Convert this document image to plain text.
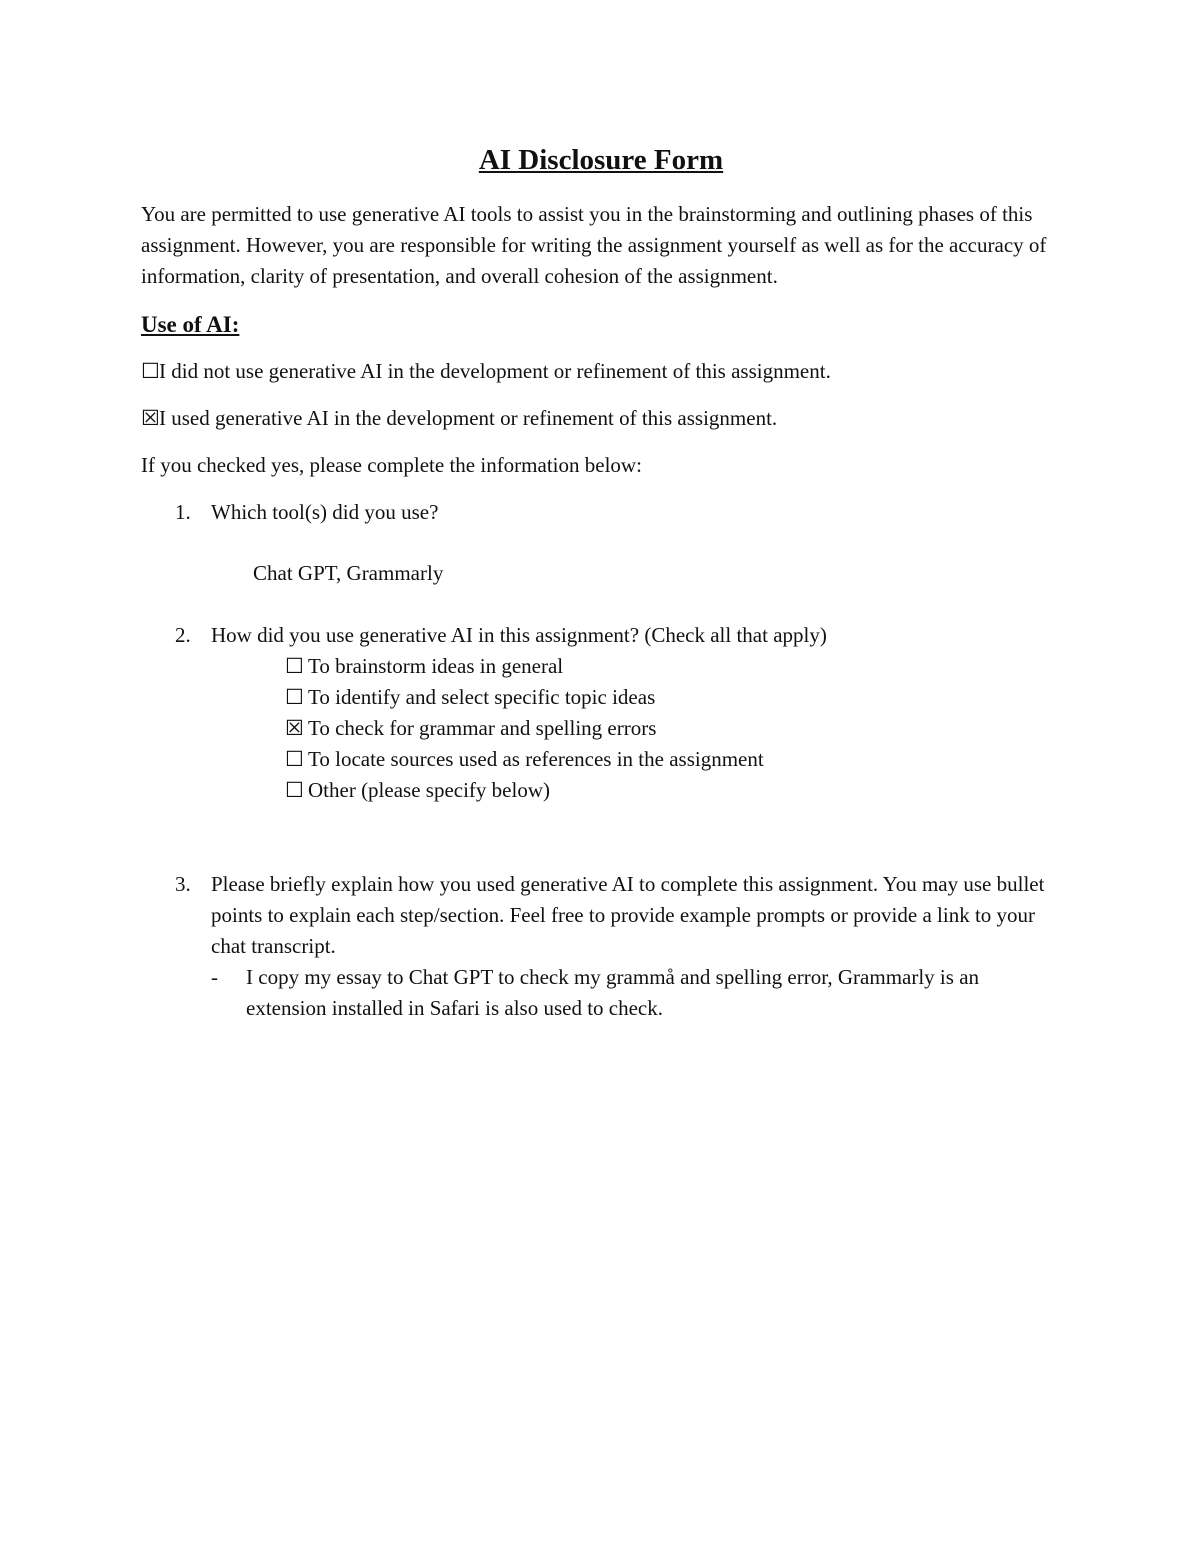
AI Disclosure Form
You are permitted to use generative AI tools to assist you in the brainstorming and outlining phases of this assignment. However, you are responsible for writing the assignment yourself as well as for the accuracy of information, clarity of presentation, and overall cohesion of the assignment.
Use of AI:
☐ I did not use generative AI in the development or refinement of this assignment.
☒ I used generative AI in the development or refinement of this assignment.
If you checked yes, please complete the information below:
1. Which tool(s) did you use?
Chat GPT, Grammarly
2. How did you use generative AI in this assignment? (Check all that apply)
☐ To brainstorm ideas in general
☐ To identify and select specific topic ideas
☒ To check for grammar and spelling errors
☐ To locate sources used as references in the assignment
☐ Other (please specify below)
3. Please briefly explain how you used generative AI to complete this assignment. You may use bullet points to explain each step/section. Feel free to provide example prompts or provide a link to your chat transcript.
-	I copy my essay to Chat GPT to check my grammå and spelling error, Grammarly is an extension installed in Safari is also used to check.
